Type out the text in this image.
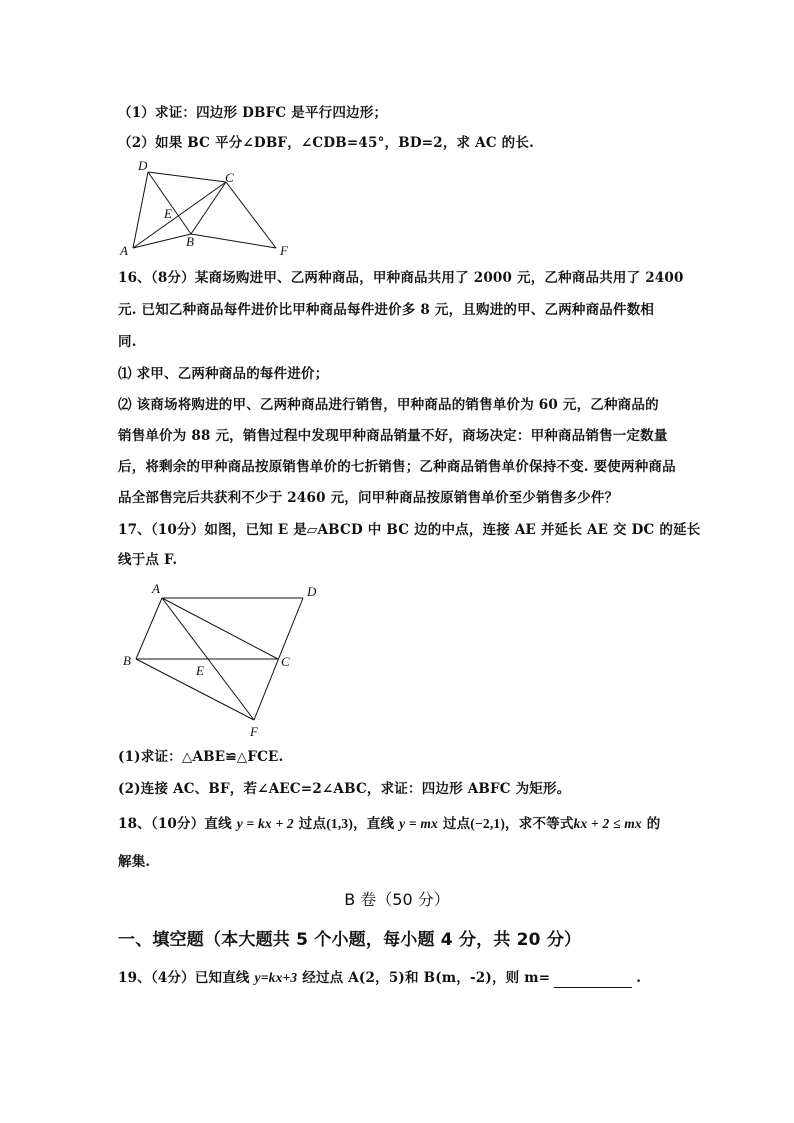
（1）求证：四边形 DBFC 是平行四边形；
（2）如果 BC 平分∠DBF，∠CDB=45°，BD=2，求 AC 的长.
D
C
E
A
B
F
16、（8分）某商场购进甲、乙两种商品，甲种商品共用了 2000 元，乙种商品共用了 2400
元. 已知乙种商品每件进价比甲种商品每件进价多 8 元，且购进的甲、乙两种商品件数相
同.
⑴ 求甲、乙两种商品的每件进价；
⑵ 该商场将购进的甲、乙两种商品进行销售，甲种商品的销售单价为 60 元，乙种商品的
销售单价为 88 元，销售过程中发现甲种商品销量不好，商场决定：甲种商品销售一定数量
后，将剩余的甲种商品按原销售单价的七折销售；乙种商品销售单价保持不变. 要使两种商品
品全部售完后共获利不少于 2460 元，问甲种商品按原销售单价至少销售多少件？
17、（10分）如图，已知 E 是▱ABCD 中 BC 边的中点，连接 AE 并延长 AE 交 DC 的延长
线于点 F.
A	D
B
E
C
F
(1)求证：△ABE≌△FCE.
(2)连接 AC、BF，若∠AEC=2∠ABC，求证：四边形 ABFC 为矩形。
18、（10分）直线 y = kx + 2 过点(1,3)，直线 y = mx 过点(−2,1)，求不等式kx + 2 ≤ mx 的
解集.
B 卷（50 分）
一、填空题（本大题共 5 个小题，每小题 4 分，共 20 分）
19、（4分）已知直线 y=kx+3 经过点 A(2，5)和 B(m，-2)，则 m=	.
